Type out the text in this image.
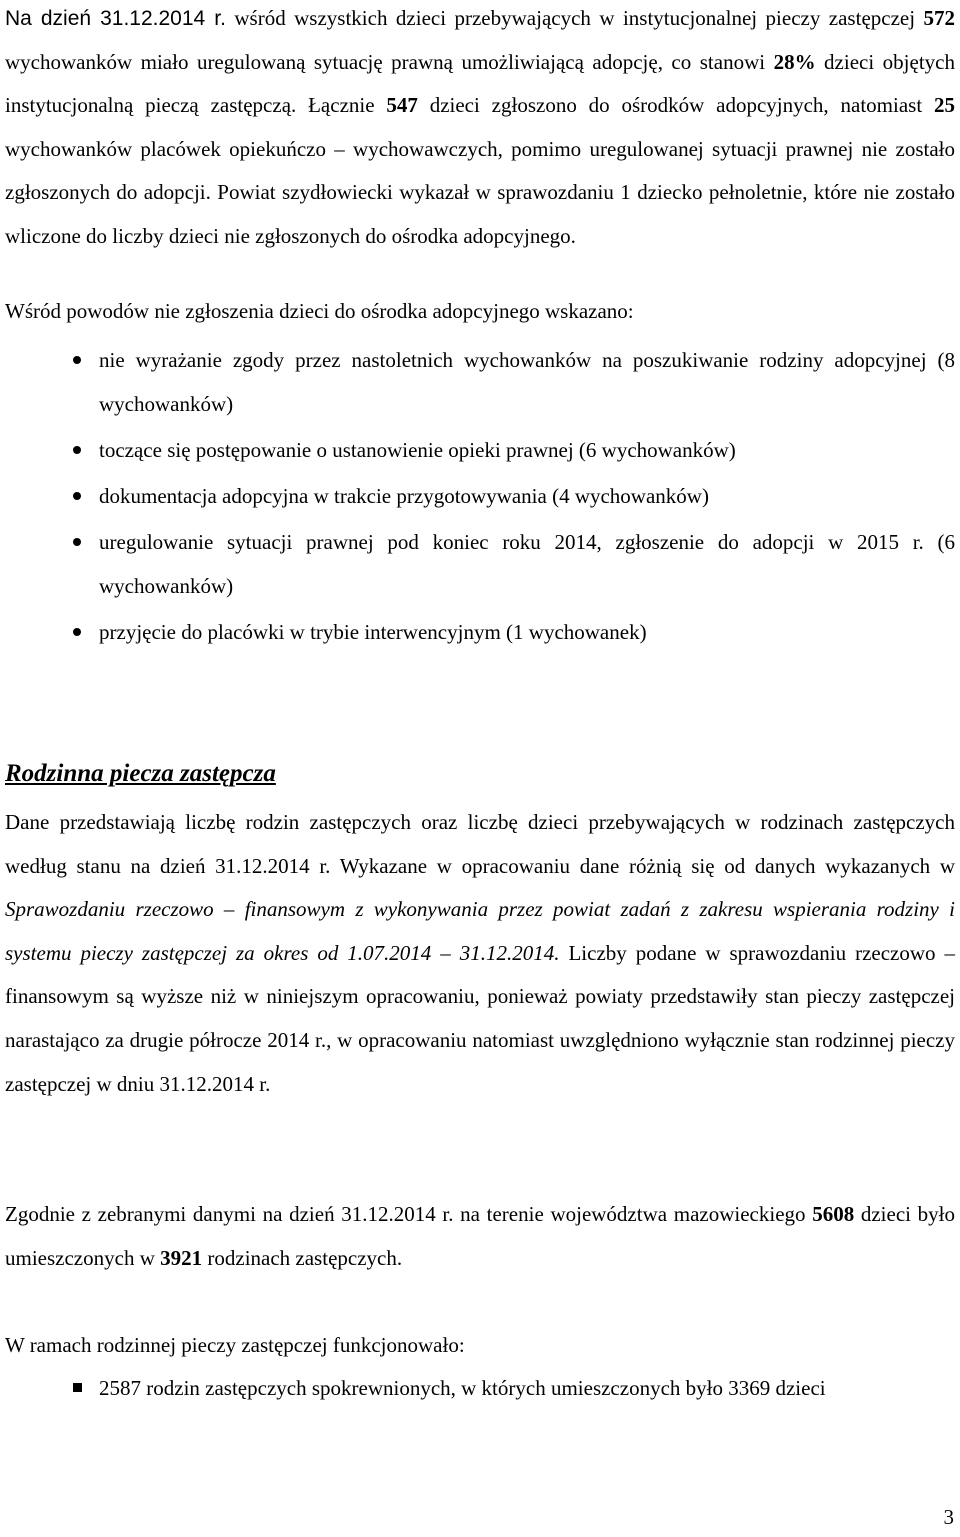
Na dzień 31.12.2014 r. wśród wszystkich dzieci przebywających w instytucjonalnej pieczy zastępczej 572 wychowanków miało uregulowaną sytuację prawną umożliwiającą adopcję, co stanowi 28% dzieci objętych instytucjonalną pieczą zastępczą. Łącznie 547 dzieci zgłoszono do ośrodków adopcyjnych, natomiast 25 wychowanków placówek opiekuńczo – wychowawczych, pomimo uregulowanej sytuacji prawnej nie zostało zgłoszonych do adopcji. Powiat szydłowiecki wykazał w sprawozdaniu 1 dziecko pełnoletnie, które nie zostało wliczone do liczby dzieci nie zgłoszonych do ośrodka adopcyjnego.

Wśród powodów nie zgłoszenia dzieci do ośrodka adopcyjnego wskazano:

nie wyrażanie zgody przez nastoletnich wychowanków na poszukiwanie rodziny adopcyjnej (8 wychowanków)
toczące się postępowanie o ustanowienie opieki prawnej (6 wychowanków)
dokumentacja adopcyjna w trakcie przygotowywania (4 wychowanków)
uregulowanie sytuacji prawnej pod koniec roku 2014, zgłoszenie do adopcji w 2015 r. (6 wychowanków)
przyjęcie do placówki w trybie interwencyjnym (1 wychowanek)
Rodzinna piecza zastępcza

Dane przedstawiają liczbę rodzin zastępczych oraz liczbę dzieci przebywających w rodzinach zastępczych według stanu na dzień 31.12.2014 r. Wykazane w opracowaniu dane różnią się od danych wykazanych w Sprawozdaniu rzeczowo – finansowym z wykonywania przez powiat zadań z zakresu wspierania rodziny i systemu pieczy zastępczej za okres od 1.07.2014 – 31.12.2014. Liczby podane w sprawozdaniu rzeczowo – finansowym są wyższe niż w niniejszym opracowaniu, ponieważ powiaty przedstawiły stan pieczy zastępczej narastająco za drugie półrocze 2014 r., w opracowaniu natomiast uwzględniono wyłącznie stan rodzinnej pieczy zastępczej w dniu 31.12.2014 r.

Zgodnie z zebranymi danymi na dzień 31.12.2014 r. na terenie województwa mazowieckiego 5608 dzieci było umieszczonych w 3921 rodzinach zastępczych.

W ramach rodzinnej pieczy zastępczej funkcjonowało:

2587 rodzin zastępczych spokrewnionych, w których umieszczonych było 3369 dzieci
3
